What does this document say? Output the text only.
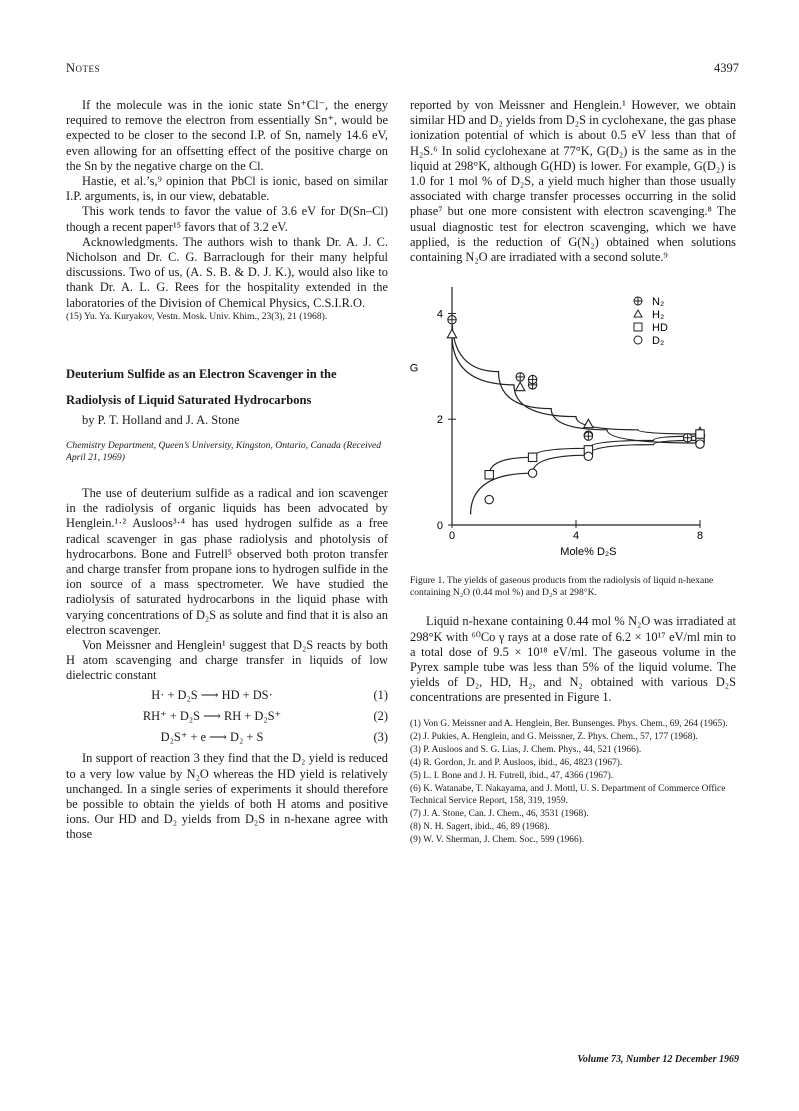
Notes	4397

If the molecule was in the ionic state Sn⁺Cl⁻, the energy required to remove the electron from essentially Sn⁺, would be expected to be closer to the second I.P. of Sn, namely 14.6 eV, even allowing for an offsetting effect of the positive charge on the Sn by the negative charge on the Cl.

Hastie, et al.’s,⁹ opinion that PbCl is ionic, based on similar I.P. arguments, is, in our view, debatable.

This work tends to favor the value of 3.6 eV for D(Sn–Cl) though a recent paper¹⁵ favors that of 3.2 eV.

Acknowledgments. The authors wish to thank Dr. A. J. C. Nicholson and Dr. C. G. Barraclough for their many helpful discussions. Two of us, (A. S. B. & D. J. K.), would also like to thank Dr. A. L. G. Rees for the hospitality extended in the laboratories of the Division of Chemical Physics, C.S.I.R.O.

(15) Yu. Ya. Kuryakov, Vestn. Mosk. Univ. Khim., 23(3), 21 (1968).

Deuterium Sulfide as an Electron Scavenger in the Radiolysis of Liquid Saturated Hydrocarbons

by P. T. Holland and J. A. Stone

Chemistry Department, Queen’s University, Kingston, Ontario, Canada (Received April 21, 1969)

The use of deuterium sulfide as a radical and ion scavenger in the radiolysis of organic liquids has been advocated by Henglein.¹·² Ausloos³·⁴ has used hydrogen sulfide as a free radical scavenger in gas phase radiolysis and photolysis of hydrocarbons. Bone and Futrell⁵ observed both proton transfer and charge transfer from propane ions to hydrogen sulfide in the ion source of a mass spectrometer. We have studied the radiolysis of saturated hydrocarbons in the liquid phase with varying concentrations of D₂S as solute and find that it is also an electron scavenger.

Von Meissner and Henglein¹ suggest that D₂S reacts by both H atom scavenging and charge transfer in liquids of low dielectric constant

H· + D₂S ⟶ HD + DS·	(1)
RH⁺ + D₂S ⟶ RH + D₂S⁺	(2)
D₂S⁺ + e ⟶ D₂ + S	(3)

In support of reaction 3 they find that the D₂ yield is reduced to a very low value by N₂O whereas the HD yield is relatively unchanged. In a single series of experiments it should therefore be possible to obtain the yields of both H atoms and positive ions. Our HD and D₂ yields from D₂S in n-hexane agree with those

reported by von Meissner and Henglein.¹ However, we obtain similar HD and D₂ yields from D₂S in cyclohexane, the gas phase ionization potential of which is about 0.5 eV less than that of H₂S.⁶ In solid cyclohexane at 77°K, G(D₂) is the same as in the liquid at 298°K, although G(HD) is lower. For example, G(D₂) is 1.0 for 1 mol % of D₂S, a yield much higher than those usually associated with charge transfer processes occurring in the solid phase⁷ but one more consistent with electron scavenging.⁸ The usual diagnostic test for electron scavenging, which we have applied, is the reduction of G(N₂) obtained when solutions containing N₂O are irradiated with a second solute.⁹

0	4	8
0
2
4
Mole% D₂S
G
N₂
H₂
HD
D₂
Figure 1. The yields of gaseous products from the radiolysis of liquid n-hexane containing N₂O (0.44 mol %) and D₂S at 298°K.

Liquid n-hexane containing 0.44 mol % N₂O was irradiated at 298°K with ⁶⁰Co γ rays at a dose rate of 6.2 × 10¹⁷ eV/ml min to a total dose of 9.5 × 10¹⁸ eV/ml. The gaseous volume in the Pyrex sample tube was less than 5% of the liquid volume. The yields of D₂, HD, H₂, and N₂ obtained with various D₂S concentrations are presented in Figure 1.

(1) Von G. Meissner and A. Henglein, Ber. Bunsenges. Phys. Chem., 69, 264 (1965).
(2) J. Pukies, A. Henglein, and G. Meissner, Z. Phys. Chem., 57, 177 (1968).
(3) P. Ausloos and S. G. Lias, J. Chem. Phys., 44, 521 (1966).
(4) R. Gordon, Jr. and P. Ausloos, ibid., 46, 4823 (1967).
(5) L. I. Bone and J. H. Futrell, ibid., 47, 4366 (1967).
(6) K. Watanabe, T. Nakayama, and J. Mottl, U. S. Department of Commerce Office Technical Service Report, 158, 319, 1959.
(7) J. A. Stone, Can. J. Chem., 46, 3531 (1968).
(8) N. H. Sagert, ibid., 46, 89 (1968).
(9) W. V. Sherman, J. Chem. Soc., 599 (1966).
Volume 73, Number 12 December 1969
